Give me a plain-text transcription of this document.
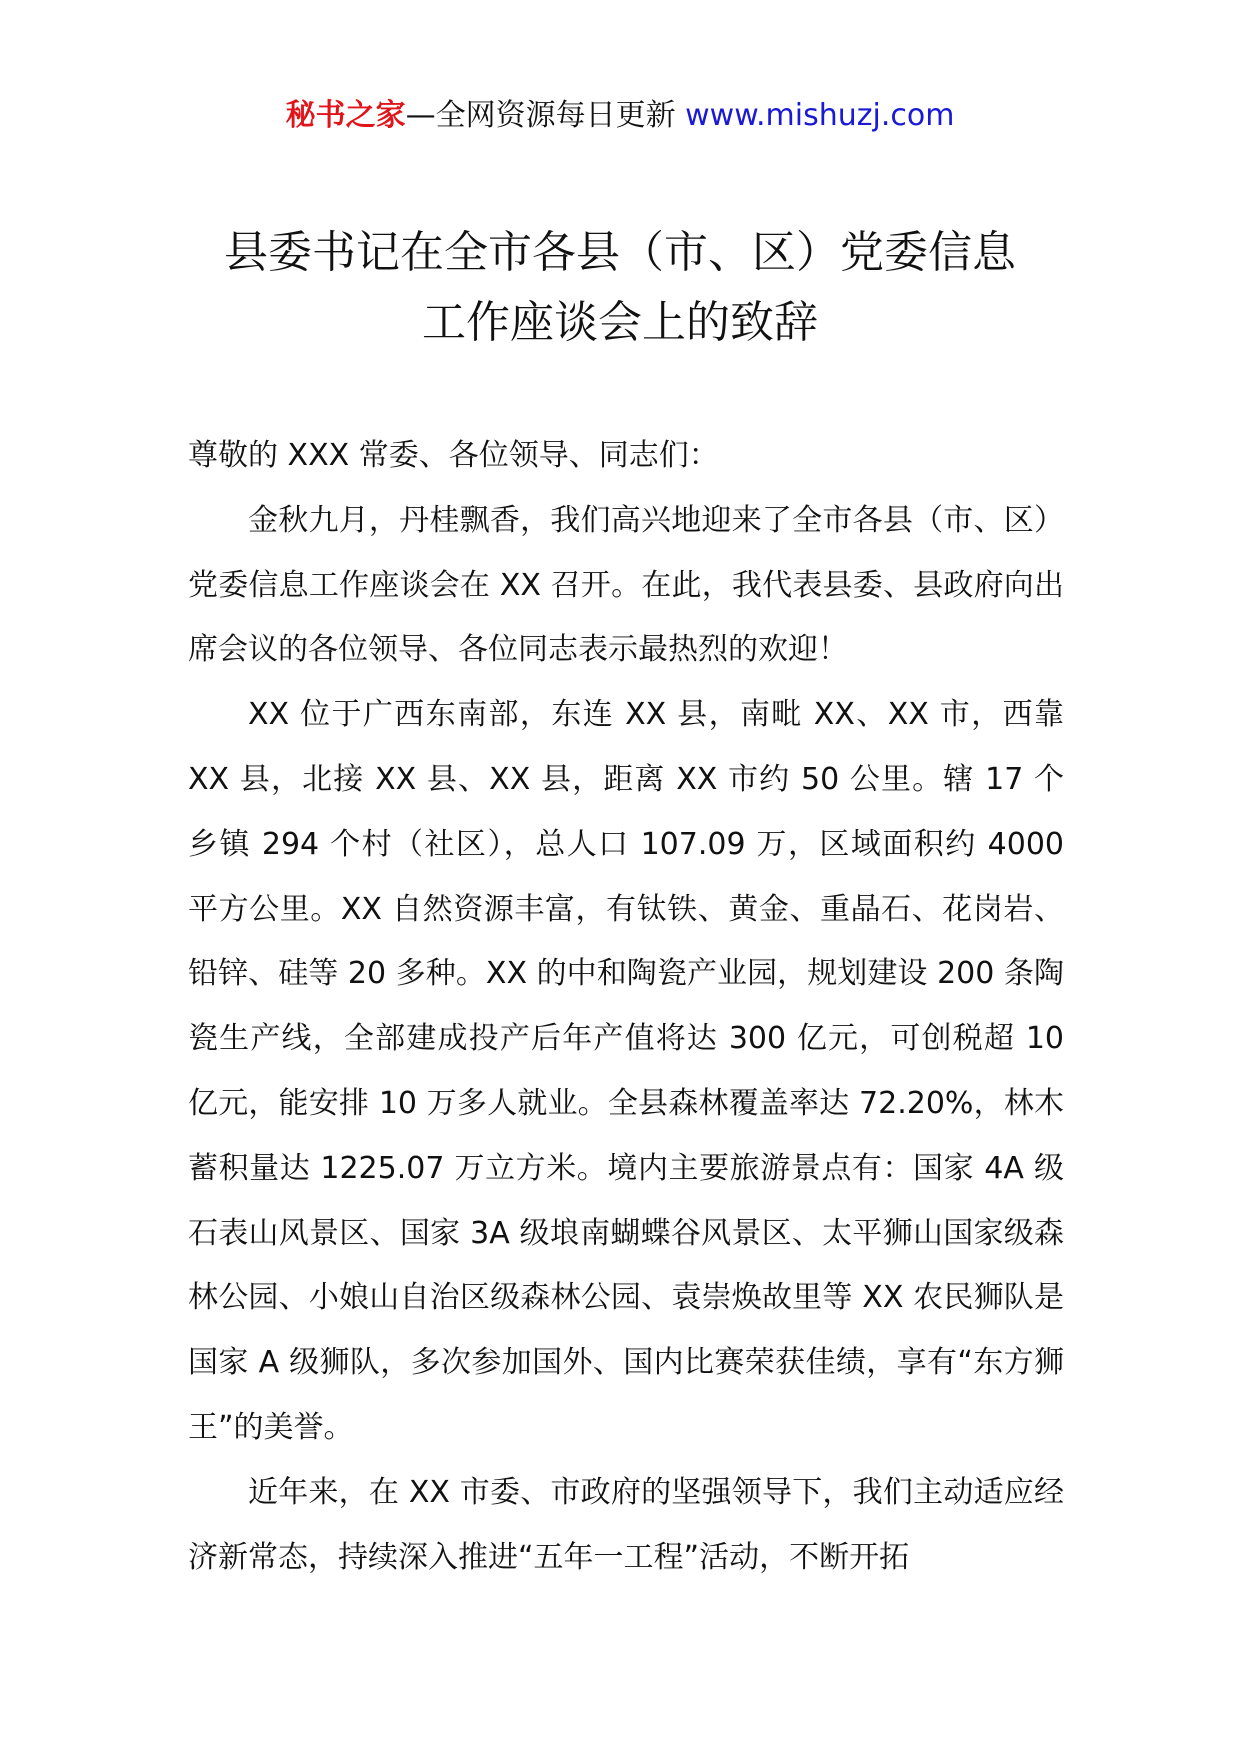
秘书之家—全网资源每日更新 www.mishuzj.com
县委书记在全市各县（市、区）党委信息
工作座谈会上的致辞

尊敬的 XXX 常委、各位领导、同志们：

金秋九月，丹桂飘香，我们高兴地迎来了全市各县（市、区）党委信息工作座谈会在 XX 召开。在此，我代表县委、县政府向出席会议的各位领导、各位同志表示最热烈的欢迎！

XX 位于广西东南部，东连 XX 县，南毗 XX、XX 市，西靠 XX 县，北接 XX 县、XX 县，距离 XX 市约 50 公里。辖 17 个乡镇 294 个村（社区），总人口 107.09 万，区域面积约 4000 平方公里。XX 自然资源丰富，有钛铁、黄金、重晶石、花岗岩、铅锌、硅等 20 多种。XX 的中和陶瓷产业园，规划建设 200 条陶瓷生产线，全部建成投产后年产值将达 300 亿元，可创税超 10 亿元，能安排 10 万多人就业。全县森林覆盖率达 72.20%，林木蓄积量达 1225.07 万立方米。境内主要旅游景点有：国家 4A 级石表山风景区、国家 3A 级埌南蝴蝶谷风景区、太平狮山国家级森林公园、小娘山自治区级森林公园、袁崇焕故里等 XX 农民狮队是国家 A 级狮队，多次参加国外、国内比赛荣获佳绩，享有“东方狮王”的美誉。

近年来，在 XX 市委、市政府的坚强领导下，我们主动适应经济新常态，持续深入推进“五年一工程”活动，不断开拓
